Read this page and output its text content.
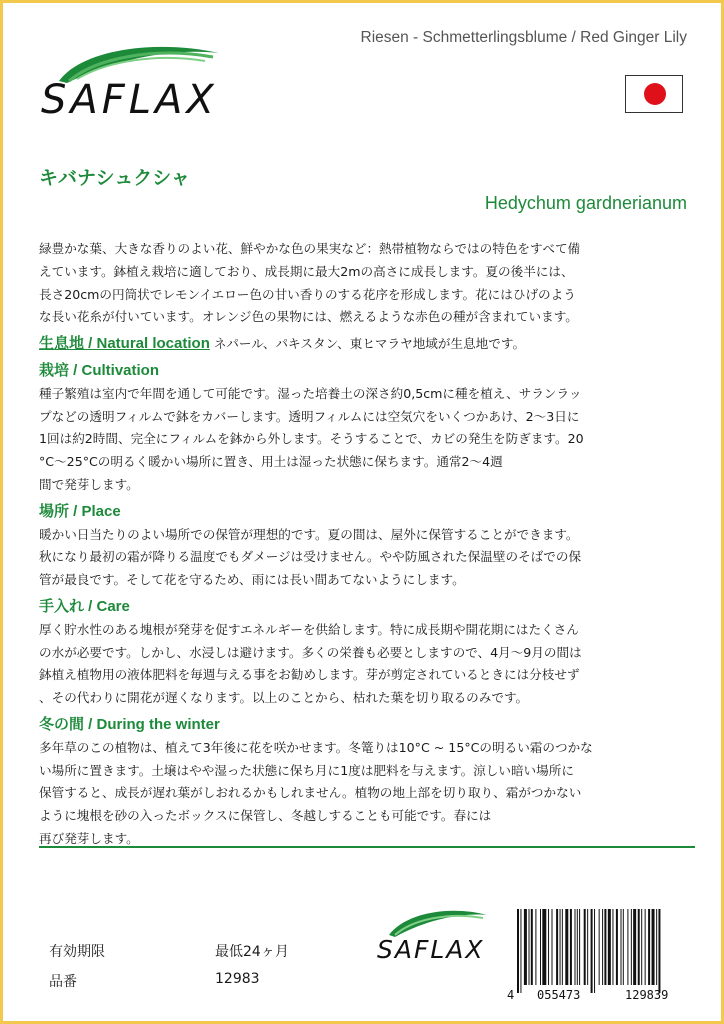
SAFLAX
Riesen - Schmetterlingsblume / Red Ginger Lily
キバナシュクシャ
Hedychum gardnerianum

緑豊かな葉、大きな香りのよい花、鮮やかな色の果実など：熱帯植物ならではの特色をすべて備

えています。鉢植え栽培に適しており、成長期に最大2mの高さに成長します。夏の後半には、

長さ20cmの円筒状でレモンイエロー色の甘い香りのする花序を形成します。花にはひげのよう

な長い花糸が付いています。オレンジ色の果物には、燃えるような赤色の種が含まれています。

生息地 / Natural location ネパール、パキスタン、東ヒマラヤ地域が生息地です。
栽培 / Cultivation

種子繁殖は室内で年間を通して可能です。湿った培養土の深さ約0,5cmに種を植え、サランラッ

プなどの透明フィルムで鉢をカバーします。透明フィルムには空気穴をいくつかあけ、2～3日に

1回は約2時間、完全にフィルムを鉢から外します。そうすることで、カビの発生を防ぎます。20

°C～25°Cの明るく暖かい場所に置き、用土は湿った状態に保ちます。通常2～4週

間で発芽します。

場所 / Place

暖かい日当たりのよい場所での保管が理想的です。夏の間は、屋外に保管することができます。

秋になり最初の霜が降りる温度でもダメージは受けません。やや防風された保温壁のそばでの保

管が最良です。そして花を守るため、雨には長い間あてないようにします。

手入れ / Care

厚く貯水性のある塊根が発芽を促すエネルギーを供給します。特に成長期や開花期にはたくさん

の水が必要です。しかし、水浸しは避けます。多くの栄養も必要としますので、4月～9月の間は

鉢植え植物用の液体肥料を毎週与える事をお勧めします。芽が剪定されているときには分枝せず

、その代わりに開花が遅くなります。以上のことから、枯れた葉を切り取るのみです。

冬の間 / During the winter

多年草のこの植物は、植えて3年後に花を咲かせます。冬篭りは10°C ~ 15°Cの明るい霜のつかな

い場所に置きます。土壌はやや湿った状態に保ち月に1度は肥料を与えます。涼しい暗い場所に

保管すると、成長が遅れ葉がしおれるかもしれません。植物の地上部を切り取り、霜がつかない

ように塊根を砂の入ったボックスに保管し、冬越しすることも可能です。春には

再び発芽します。

有効期限	最低24ヶ月
品番	12983
SAFLAX
4 055473	129839
